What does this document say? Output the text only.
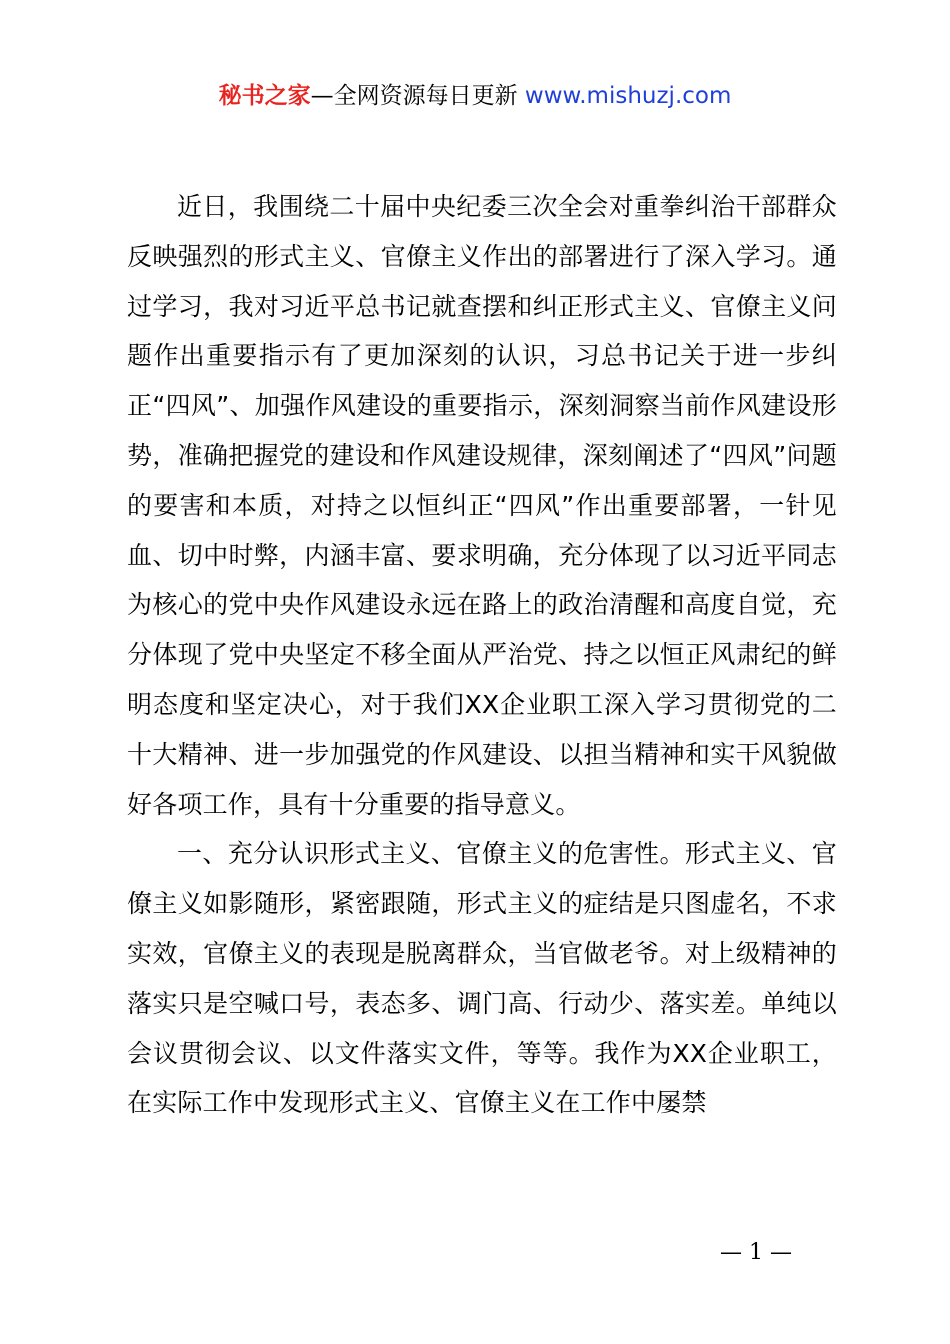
秘书之家—全网资源每日更新 www.mishuzj.com

近日，我围绕二十届中央纪委三次全会对重拳纠治干部群众反映强烈的形式主义、官僚主义作出的部署进行了深入学习。通过学习，我对习近平总书记就查摆和纠正形式主义、官僚主义问题作出重要指示有了更加深刻的认识，习总书记关于进一步纠正“四风”、加强作风建设的重要指示，深刻洞察当前作风建设形势，准确把握党的建设和作风建设规律，深刻阐述了“四风”问题的要害和本质，对持之以恒纠正“四风”作出重要部署，一针见血、切中时弊，内涵丰富、要求明确，充分体现了以习近平同志为核心的党中央作风建设永远在路上的政治清醒和高度自觉，充分体现了党中央坚定不移全面从严治党、持之以恒正风肃纪的鲜明态度和坚定决心，对于我们XX企业职工深入学习贯彻党的二十大精神、进一步加强党的作风建设、以担当精神和实干风貌做好各项工作，具有十分重要的指导意义。

一、充分认识形式主义、官僚主义的危害性。形式主义、官僚主义如影随形，紧密跟随，形式主义的症结是只图虚名，不求实效，官僚主义的表现是脱离群众，当官做老爷。对上级精神的落实只是空喊口号，表态多、调门高、行动少、落实差。单纯以会议贯彻会议、以文件落实文件，等等。我作为XX企业职工，在实际工作中发现形式主义、官僚主义在工作中屡禁

— 1 —
